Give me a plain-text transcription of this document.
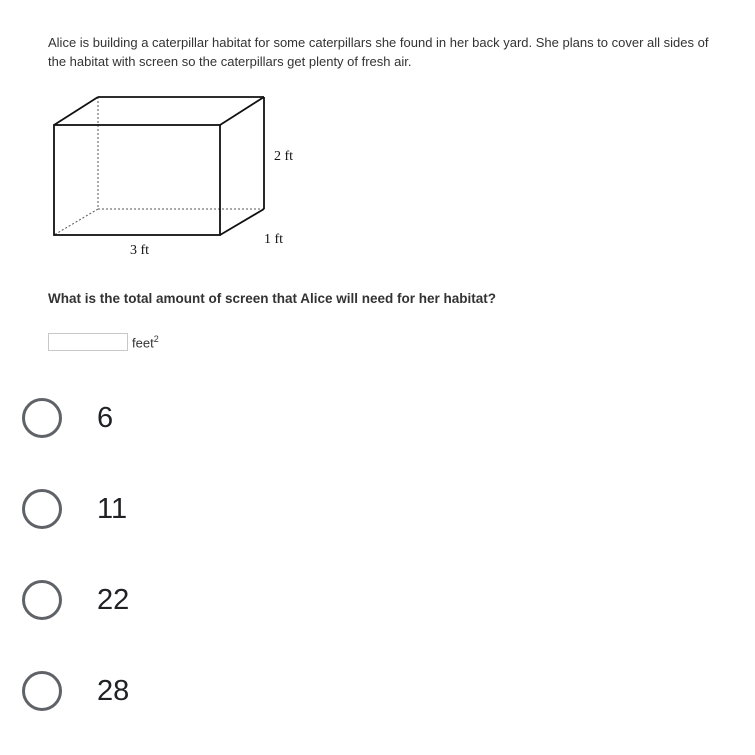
Alice is building a caterpillar habitat for some caterpillars she found in her back yard. She plans to cover all sides of the habitat with screen so the caterpillars get plenty of fresh air.
2 ft
1 ft
3 ft
What is the total amount of screen that Alice will need for her habitat?
feet$^2$
6
11
22
28
